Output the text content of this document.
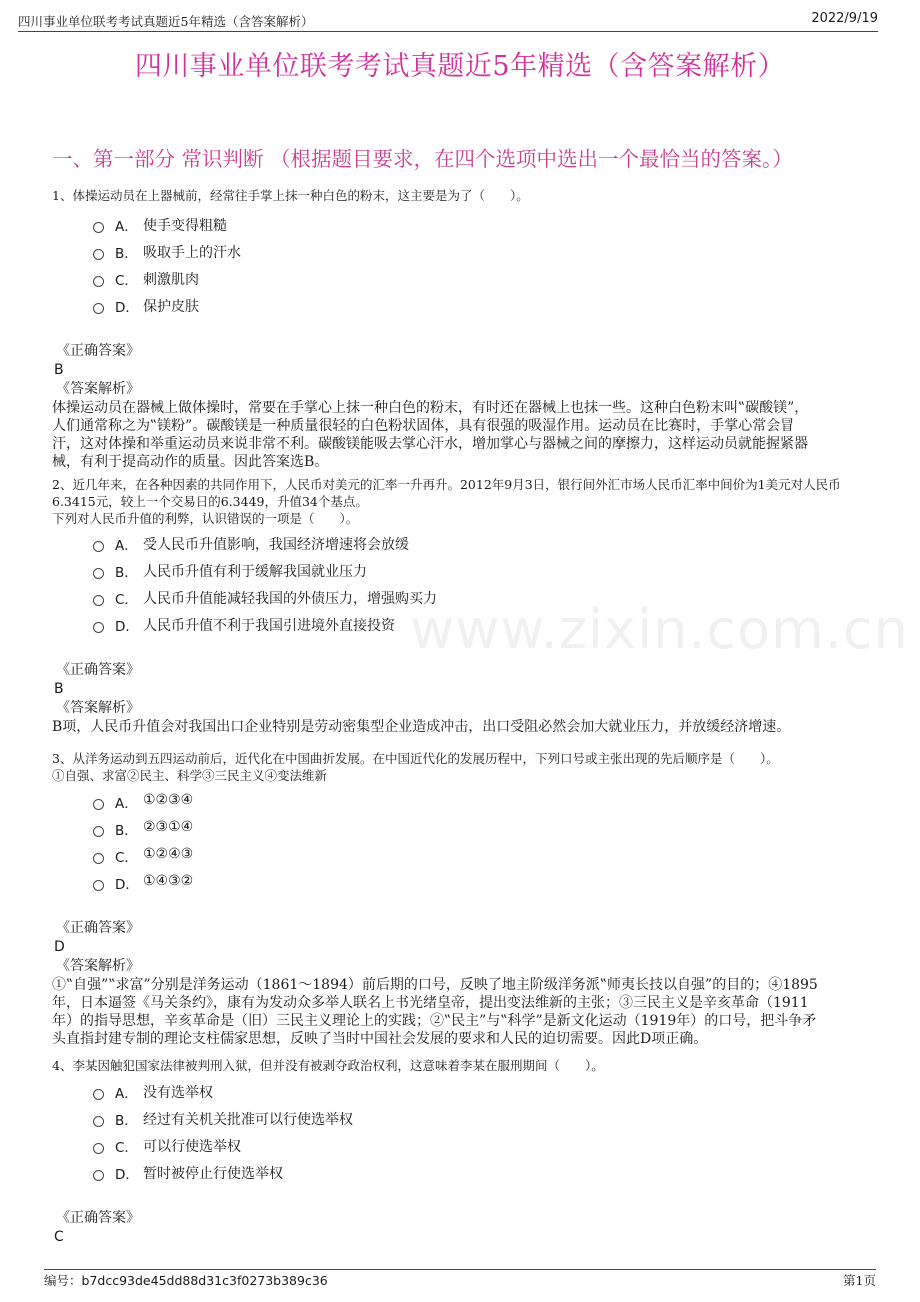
四川事业单位联考考试真题近5年精选（含答案解析）	2022/9/19
四川事业单位联考考试真题近5年精选（含答案解析）
一、第一部分 常识判断 （根据题目要求，在四个选项中选出一个最恰当的答案。）

1、体操运动员在上器械前，经常往手掌上抹一种白色的粉末，这主要是为了（　　）。

A． 使手变得粗糙
B． 吸取手上的汗水
C． 刺激肌肉
D． 保护皮肤

《正确答案》

B

《答案解析》

体操运动员在器械上做体操时，常要在手掌心上抹一种白色的粉末，有时还在器械上也抹一些。这种白色粉末叫‟碳酸镁”，

人们通常称之为‟镁粉”。碳酸镁是一种质量很轻的白色粉状固体，具有很强的吸湿作用。运动员在比赛时，手掌心常会冒

汗，这对体操和举重运动员来说非常不利。碳酸镁能吸去掌心汗水，增加掌心与器械之间的摩擦力，这样运动员就能握紧器

械，有利于提高动作的质量。因此答案选B。

2、近几年来，在各种因素的共同作用下，人民币对美元的汇率一升再升。2012年9月3日，银行间外汇市场人民币汇率中间价为1美元对人民币

6.3415元，较上一个交易日的6.3449，升值34个基点。

下列对人民币升值的利弊，认识错误的一项是（　　）。

A． 受人民币升值影响，我国经济增速将会放缓
B． 人民币升值有利于缓解我国就业压力
C． 人民币升值能减轻我国的外债压力，增强购买力
D． 人民币升值不利于我国引进境外直接投资

《正确答案》

B

《答案解析》

B项，人民币升值会对我国出口企业特别是劳动密集型企业造成冲击，出口受阻必然会加大就业压力，并放缓经济增速。

3、从洋务运动到五四运动前后，近代化在中国曲折发展。在中国近代化的发展历程中，下列口号或主张出现的先后顺序是（　　）。

①自强、求富②民主、科学③三民主义④变法维新

A． ①②③④
B． ②③①④
C． ①②④③
D． ①④③②

《正确答案》

D

《答案解析》

①‟自强”‟求富”分别是洋务运动（1861～1894）前后期的口号，反映了地主阶级洋务派‟师夷长技以自强”的目的；④1895

年，日本逼签《马关条约》，康有为发动众多举人联名上书光绪皇帝，提出变法维新的主张；③三民主义是辛亥革命（1911

年）的指导思想，辛亥革命是（旧）三民主义理论上的实践；②‟民主”与‟科学”是新文化运动（1919年）的口号，把斗争矛

头直指封建专制的理论支柱儒家思想，反映了当时中国社会发展的要求和人民的迫切需要。因此D项正确。

4、李某因触犯国家法律被判刑入狱，但并没有被剥夺政治权利，这意味着李某在服刑期间（　　）。

A． 没有选举权
B． 经过有关机关批准可以行使选举权
C． 可以行使选举权
D． 暂时被停止行使选举权

《正确答案》

C

www.zixin.com.cn
编号：b7dcc93de45dd88d31c3f0273b389c36	第1页
